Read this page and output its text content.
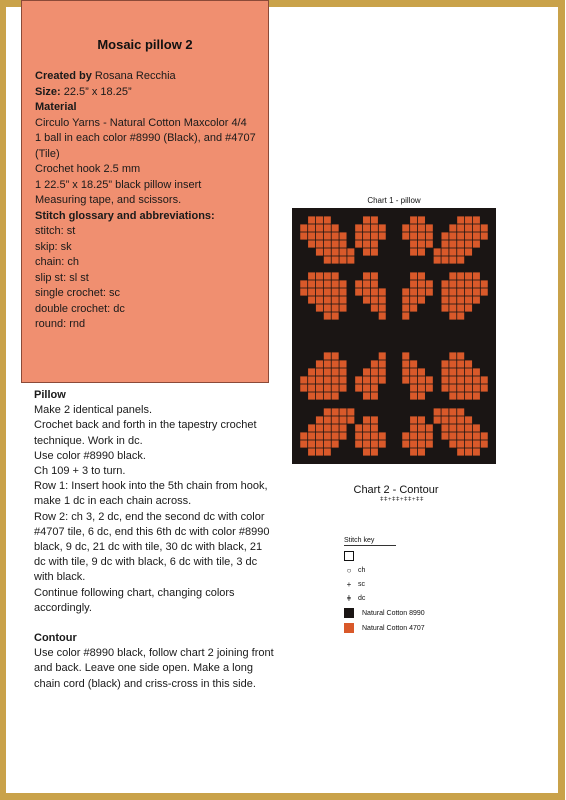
Mosaic pillow 2

Created by Rosana Recchia

Size: 22.5” x 18.25”

Material

Circulo Yarns - Natural Cotton Maxcolor 4/4

1 ball in each color #8990 (Black), and #4707 (Tile)

Crochet hook 2.5 mm

1 22.5” x 18.25” black pillow insert

Measuring tape, and scissors.

Stitch glossary and abbreviations:

stitch: st

skip: sk

chain: ch

slip st: sl st

single crochet: sc

double crochet: dc

round: rnd

Pillow

Make 2 identical panels.

Crochet back and forth in the tapestry crochet technique. Work in dc.

Use color #8990 black.

Ch 109 + 3 to turn.

Row 1: Insert hook into the 5th chain from hook, make 1 dc in each chain across.

Row 2: ch 3, 2 dc, end the second dc with color #4707 tile, 6 dc, end this 6th dc with color #8990 black, 9 dc, 21 dc with tile, 30 dc with black, 21 dc with tile, 9 dc with black, 6 dc with tile, 3 dc with black.

Continue following chart, changing colors accordingly.

Contour

Use color #8990 black, follow chart 2 joining front and back. Leave one side open. Make a long chain cord (black) and criss-cross in this side.

Chart 1 - pillow
Chart 2 - Contour
ǂǂ+ǂǂ+ǂǂ+ǂǂ
Stitch key
○ ch
+ sc
ǂ dc
Natural Cotton 8990
Natural Cotton 4707
PassionForum.ru
